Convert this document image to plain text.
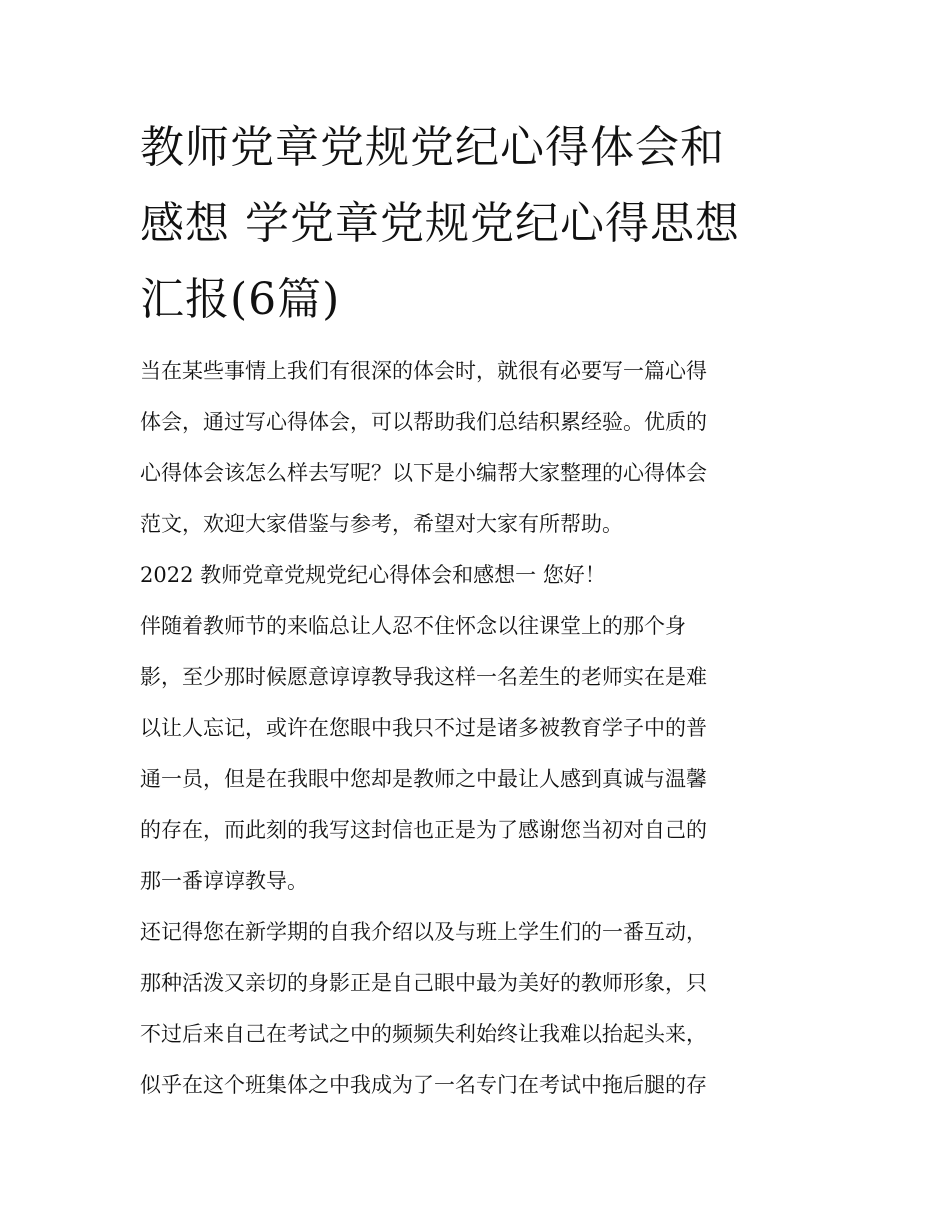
教师党章党规党纪心得体会和
感想 学党章党规党纪心得思想
汇报(6篇)

当在某些事情上我们有很深的体会时，就很有必要写一篇心得
体会，通过写心得体会，可以帮助我们总结积累经验。优质的
心得体会该怎么样去写呢？以下是小编帮大家整理的心得体会
范文，欢迎大家借鉴与参考，希望对大家有所帮助。

2022 教师党章党规党纪心得体会和感想一 您好！

伴随着教师节的来临总让人忍不住怀念以往课堂上的那个身
影，至少那时候愿意谆谆教导我这样一名差生的老师实在是难
以让人忘记，或许在您眼中我只不过是诸多被教育学子中的普
通一员，但是在我眼中您却是教师之中最让人感到真诚与温馨
的存在，而此刻的我写这封信也正是为了感谢您当初对自己的
那一番谆谆教导。

还记得您在新学期的自我介绍以及与班上学生们的一番互动，
那种活泼又亲切的身影正是自己眼中最为美好的教师形象，只
不过后来自己在考试之中的频频失利始终让我难以抬起头来，
似乎在这个班集体之中我成为了一名专门在考试中拖后腿的存
